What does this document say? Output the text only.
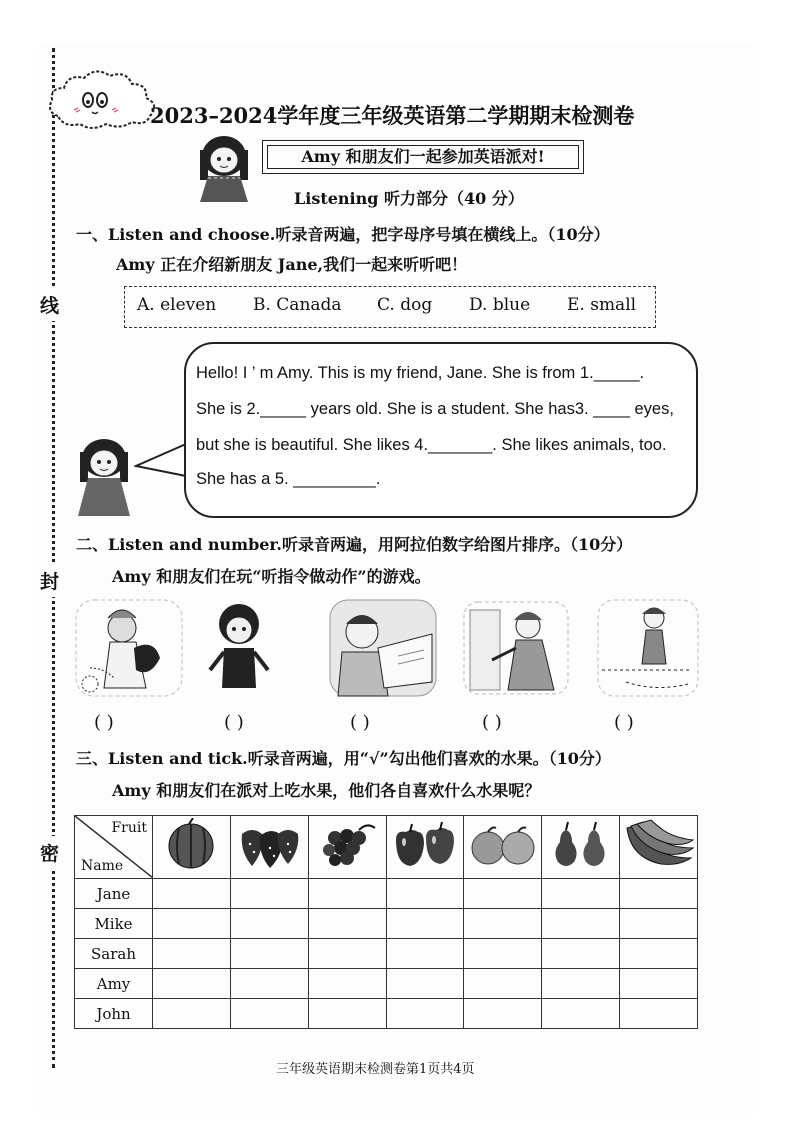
线
封
密
2023–2024学年度三年级英语第二学期期末检测卷
Amy 和朋友们一起参加英语派对!
Listening 听力部分（40 分）
一、Listen and choose.听录音两遍，把字母序号填在横线上。（10分）
Amy 正在介绍新朋友 Jane,我们一起来听听吧！
A. eleven B. Canada C. dog D. blue E. small
Hello! I ’ m Amy. This is my friend, Jane. She is from 1._____.
She is 2._____ years old. She is a student. She has3. ____ eyes,
but she is beautiful. She likes 4._______. She likes animals, too.
She has a 5. _________.
二、Listen and number.听录音两遍，用阿拉伯数字给图片排序。（10分）
Amy 和朋友们在玩“听指令做动作”的游戏。
( )	( )	( )	( )	( )
三、Listen and tick.听录音两遍，用“√”勾出他们喜欢的水果。（10分）
Amy 和朋友们在派对上吃水果，他们各自喜欢什么水果呢？
Fruit
Name

Jane							
Mike							
Sarah							
Amy							
John							
三年级英语期末检测卷第1页共4页
